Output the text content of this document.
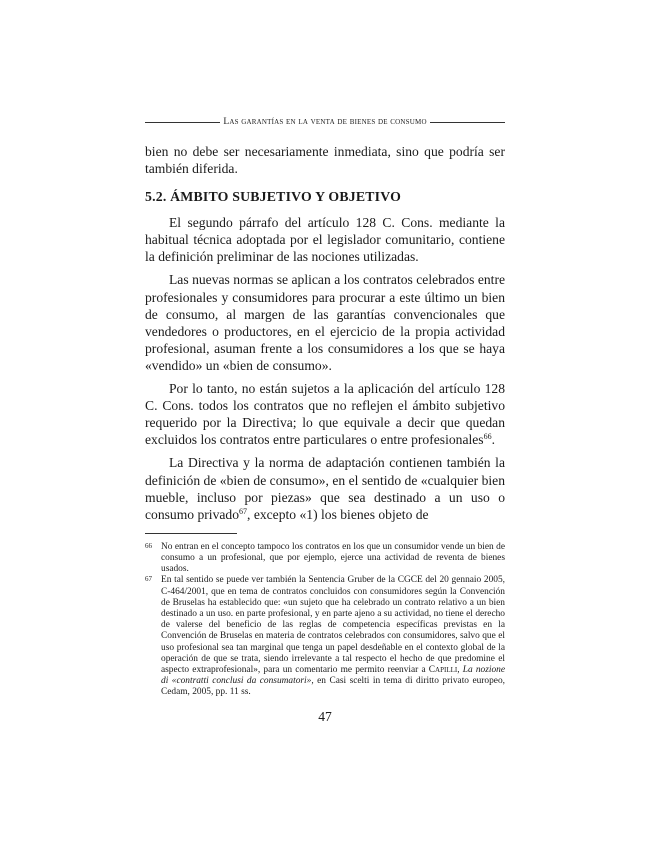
Las garantías en la venta de bienes de consumo

bien no debe ser necesariamente inmediata, sino que podría ser también diferida.

5.2. ÁMBITO SUBJETIVO Y OBJETIVO

El segundo párrafo del artículo 128 C. Cons. mediante la habitual técnica adoptada por el legislador comunitario, contiene la definición preliminar de las nociones utilizadas.

Las nuevas normas se aplican a los contratos celebrados entre profesionales y consumidores para procurar a este último un bien de consumo, al margen de las garantías convencionales que vendedores o productores, en el ejercicio de la propia actividad profesional, asuman frente a los consumidores a los que se haya «vendido» un «bien de consumo».

Por lo tanto, no están sujetos a la aplicación del artículo 128 C. Cons. todos los contratos que no reflejen el ámbito subjetivo requerido por la Directiva; lo que equivale a decir que quedan excluidos los contratos entre particulares o entre profesionales$^{66}$.

La Directiva y la norma de adaptación contienen también la definición de «bien de consumo», en el sentido de «cualquier bien mueble, incluso por piezas» que sea destinado a un uso o consumo privado$^{67}$, excepto «1) los bienes objeto de

66 No entran en el concepto tampoco los contratos en los que un consumidor vende un bien de consumo a un profesional, que por ejemplo, ejerce una actividad de reventa de bienes usados.

67 En tal sentido se puede ver también la Sentencia Gruber de la CGCE del 20 gennaio 2005, C-464/2001, que en tema de contratos concluidos con consumidores según la Convención de Bruselas ha establecido que: «un sujeto que ha celebrado un contrato relativo a un bien destinado a un uso. en parte profesional, y en parte ajeno a su actividad, no tiene el derecho de valerse del beneficio de las reglas de competencia específicas previstas en la Convención de Bruselas en materia de contratos celebrados con consumidores, salvo que el uso profesional sea tan marginal que tenga un papel desdeñable en el contexto global de la operación de que se trata, siendo irrelevante a tal respecto el hecho de que predomine el aspecto extraprofesional», para un comentario me permito reenviar a Capilli, La nozione di «contratti conclusi da consumatori», en Casi scelti in tema di diritto privato europeo, Cedam, 2005, pp. 11 ss.

47
